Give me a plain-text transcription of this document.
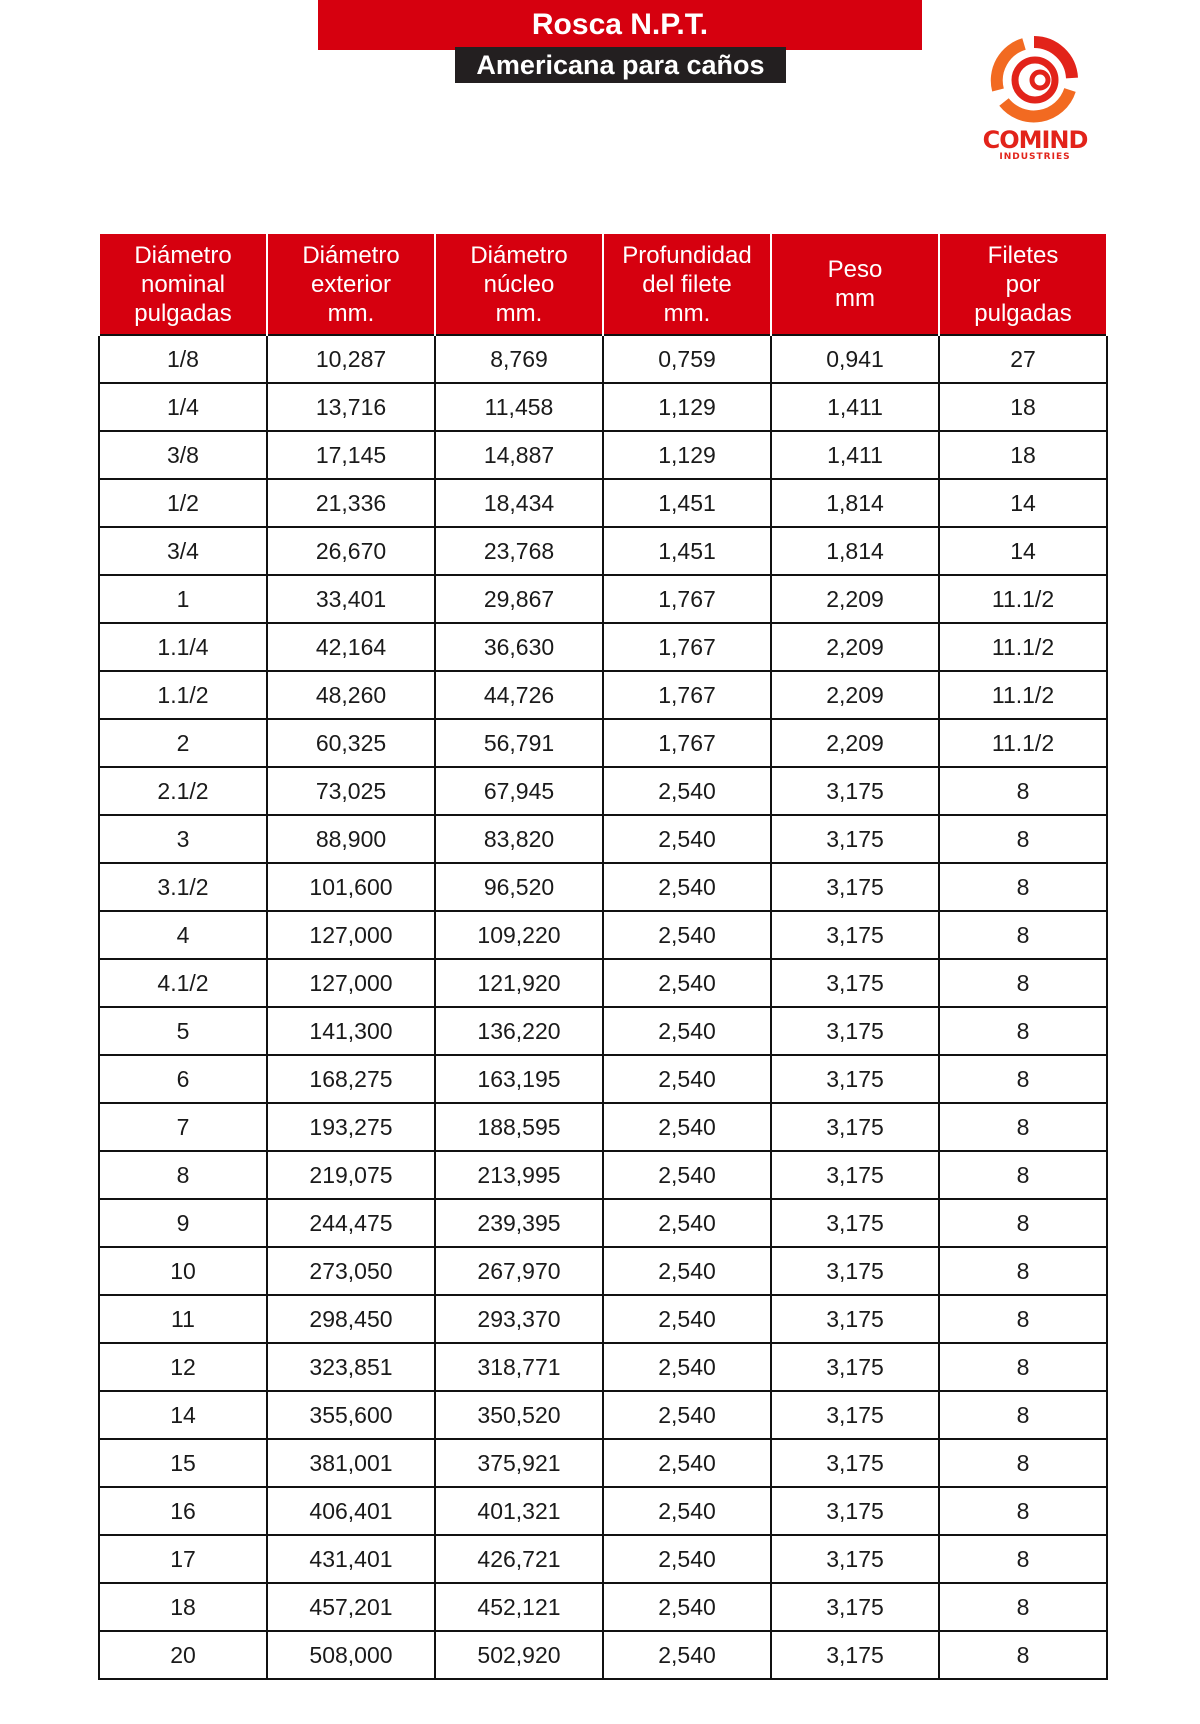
Rosca N.P.T.
Americana para caños
COMIND
INDUSTRIES
Diámetro
nominal
pulgadas	Diámetro
exterior
mm.	Diámetro
núcleo
mm.	Profundidad
del filete
mm.	Peso
mm	Filetes
por
pulgadas

1/8	10,287	8,769	0,759	0,941	27
1/4	13,716	11,458	1,129	1,411	18
3/8	17,145	14,887	1,129	1,411	18
1/2	21,336	18,434	1,451	1,814	14
3/4	26,670	23,768	1,451	1,814	14
1	33,401	29,867	1,767	2,209	11.1/2
1.1/4	42,164	36,630	1,767	2,209	11.1/2
1.1/2	48,260	44,726	1,767	2,209	11.1/2
2	60,325	56,791	1,767	2,209	11.1/2
2.1/2	73,025	67,945	2,540	3,175	8
3	88,900	83,820	2,540	3,175	8
3.1/2	101,600	96,520	2,540	3,175	8
4	127,000	109,220	2,540	3,175	8
4.1/2	127,000	121,920	2,540	3,175	8
5	141,300	136,220	2,540	3,175	8
6	168,275	163,195	2,540	3,175	8
7	193,275	188,595	2,540	3,175	8
8	219,075	213,995	2,540	3,175	8
9	244,475	239,395	2,540	3,175	8
10	273,050	267,970	2,540	3,175	8
11	298,450	293,370	2,540	3,175	8
12	323,851	318,771	2,540	3,175	8
14	355,600	350,520	2,540	3,175	8
15	381,001	375,921	2,540	3,175	8
16	406,401	401,321	2,540	3,175	8
17	431,401	426,721	2,540	3,175	8
18	457,201	452,121	2,540	3,175	8
20	508,000	502,920	2,540	3,175	8
